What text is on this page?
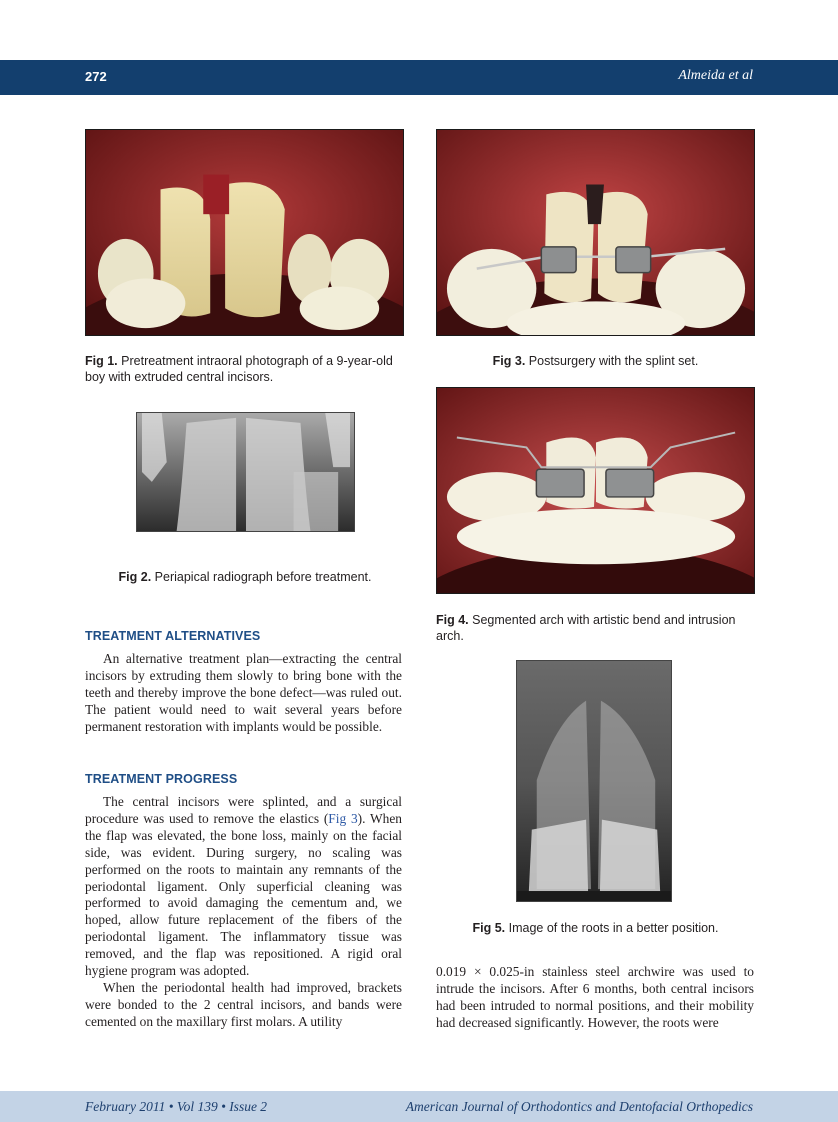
272	Almeida et al
Fig 1. Pretreatment intraoral photograph of a 9-year-old boy with extruded central incisors.
Fig 3. Postsurgery with the splint set.
Fig 2. Periapical radiograph before treatment.
Fig 4. Segmented arch with artistic bend and intrusion arch.
TREATMENT ALTERNATIVES

An alternative treatment plan—extracting the central incisors by extruding them slowly to bring bone with the teeth and thereby improve the bone defect—was ruled out. The patient would need to wait several years before permanent restoration with implants would be possible.

TREATMENT PROGRESS

The central incisors were splinted, and a surgical procedure was used to remove the elastics (Fig 3). When the flap was elevated, the bone loss, mainly on the facial side, was evident. During surgery, no scaling was performed on the roots to maintain any remnants of the periodontal ligament. Only superficial cleaning was performed to avoid damaging the cementum and, we hoped, allow future replacement of the fibers of the periodontal ligament. The inflammatory tissue was removed, and the flap was repositioned. A rigid oral hygiene program was adopted.

When the periodontal health had improved, brackets were bonded to the 2 central incisors, and bands were cemented on the maxillary first molars. A utility

Fig 5. Image of the roots in a better position.

0.019 × 0.025-in stainless steel archwire was used to intrude the incisors. After 6 months, both central incisors had been intruded to normal positions, and their mobility had decreased significantly. However, the roots were

February 2011 • Vol 139 • Issue 2	American Journal of Orthodontics and Dentofacial Orthopedics
